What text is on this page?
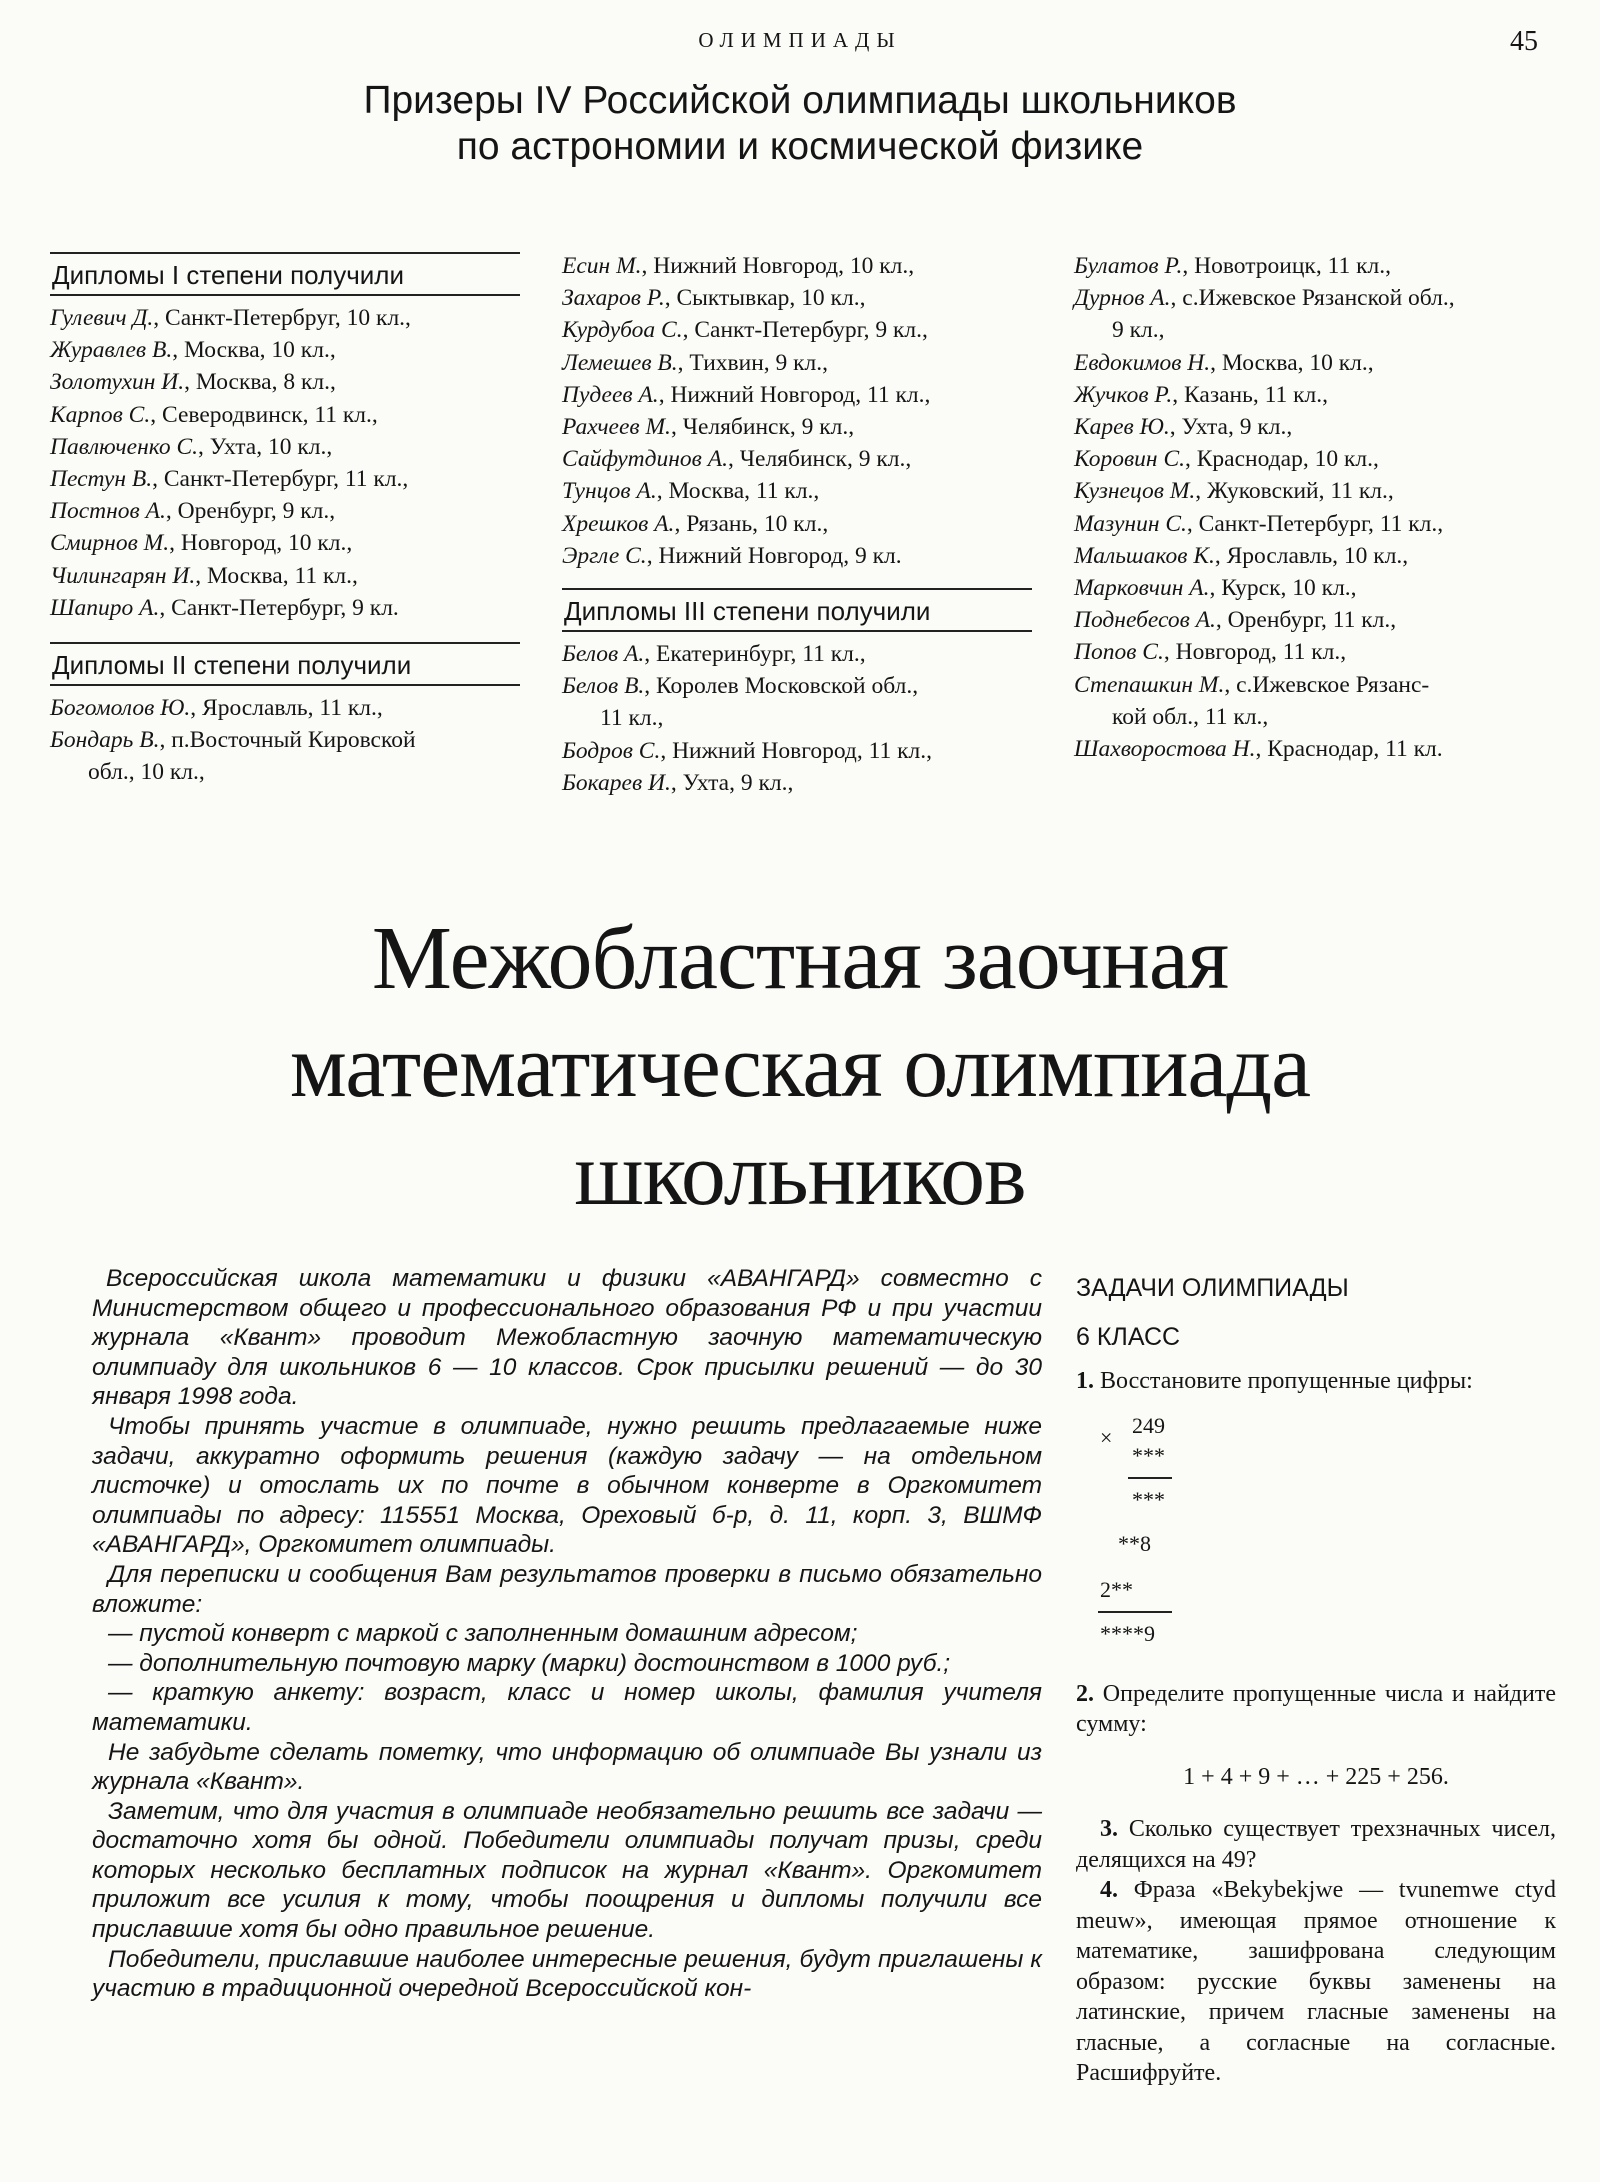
ОЛИМПИАДЫ	45
Призеры IV Российской олимпиады школьников
по астрономии и космической физике
Дипломы I степени получили
Гулевич Д., Санкт-Петербруг, 10 кл.,
Журавлев В., Москва, 10 кл.,
Золотухин И., Москва, 8 кл.,
Карпов С., Северодвинск, 11 кл.,
Павлюченко С., Ухта, 10 кл.,
Пестун В., Санкт-Петербург, 11 кл.,
Постнов А., Оренбург, 9 кл.,
Смирнов М., Новгород, 10 кл.,
Чилингарян И., Москва, 11 кл.,
Шапиро А., Санкт-Петербург, 9 кл.
Дипломы II степени получили
Богомолов Ю., Ярославль, 11 кл.,
Бондарь В., п.Восточный Кировской
обл., 10 кл.,
Есин М., Нижний Новгород, 10 кл.,
Захаров Р., Сыктывкар, 10 кл.,
Курдубоа С., Санкт-Петербург, 9 кл.,
Лемешев В., Тихвин, 9 кл.,
Пудеев А., Нижний Новгород, 11 кл.,
Рахчеев М., Челябинск, 9 кл.,
Сайфутдинов А., Челябинск, 9 кл.,
Тунцов А., Москва, 11 кл.,
Хрешков А., Рязань, 10 кл.,
Эргле С., Нижний Новгород, 9 кл.
Дипломы III степени получили
Белов А., Екатеринбург, 11 кл.,
Белов В., Королев Московской обл.,
11 кл.,
Бодров С., Нижний Новгород, 11 кл.,
Бокарев И., Ухта, 9 кл.,
Булатов Р., Новотроицк, 11 кл.,
Дурнов А., с.Ижевское Рязанской обл.,
9 кл.,
Евдокимов Н., Москва, 10 кл.,
Жучков Р., Казань, 11 кл.,
Карев Ю., Ухта, 9 кл.,
Коровин С., Краснодар, 10 кл.,
Кузнецов М., Жуковский, 11 кл.,
Мазунин С., Санкт-Петербург, 11 кл.,
Мальшаков К., Ярославль, 10 кл.,
Марковчин А., Курск, 10 кл.,
Поднебесов А., Оренбург, 11 кл.,
Попов С., Новгород, 11 кл.,
Степашкин М., с.Ижевское Рязанс-
кой обл., 11 кл.,
Шахворостова Н., Краснодар, 11 кл.
Межобластная заочная
математическая олимпиада
школьников

Всероссийская школа математики и физики «АВАНГАРД» совместно с Министерством общего и профессионального образования РФ и при участии журнала «Квант» проводит Межобластную заочную математическую олимпиаду для школьников 6 — 10 классов. Срок присылки решений — до 30 января 1998 года.

Чтобы принять участие в олимпиаде, нужно решить предлагаемые ниже задачи, аккуратно оформить решения (каждую задачу — на отдельном листочке) и отослать их по почте в обычном конверте в Оргкомитет олимпиады по адресу: 115551 Москва, Ореховый б-р, д. 11, корп. 3, ВШМФ «АВАНГАРД», Оргкомитет олимпиады.

Для переписки и сообщения Вам результатов проверки в письмо обязательно вложите:

— пустой конверт с маркой с заполненным домашним адресом;

— дополнительную почтовую марку (марки) достоинством в 1000 руб.;

— краткую анкету: возраст, класс и номер школы, фамилия учителя математики.

Не забудьте сделать пометку, что информацию об олимпиаде Вы узнали из журнала «Квант».

Заметим, что для участия в олимпиаде необязательно решить все задачи — достаточно хотя бы одной. Победители олимпиады получат призы, среди которых несколько бесплатных подписок на журнал «Квант». Оргкомитет приложит все усилия к тому, чтобы поощрения и дипломы получили все приславшие хотя бы одно правильное решение.

Победители, приславшие наиболее интересные решения, будут приглашены к участию в традиционной очередной Всероссийской кон-

ЗАДАЧИ ОЛИМПИАДЫ
6 КЛАСС
1. Восстановите пропущенные цифры:
× 249
***
***
**8
2**
****9
2. Определите пропущенные числа и найдите сумму:
1 + 4 + 9 + … + 225 + 256.
3. Сколько существует трехзначных чисел, делящихся на 49?
4. Фраза «Bekybekjwe — tvunemwe ctyd meuw», имеющая прямое отношение к математике, зашифрована следующим образом: русские буквы заменены на латинские, причем гласные заменены на гласные, а согласные на согласные. Расшифруйте.
